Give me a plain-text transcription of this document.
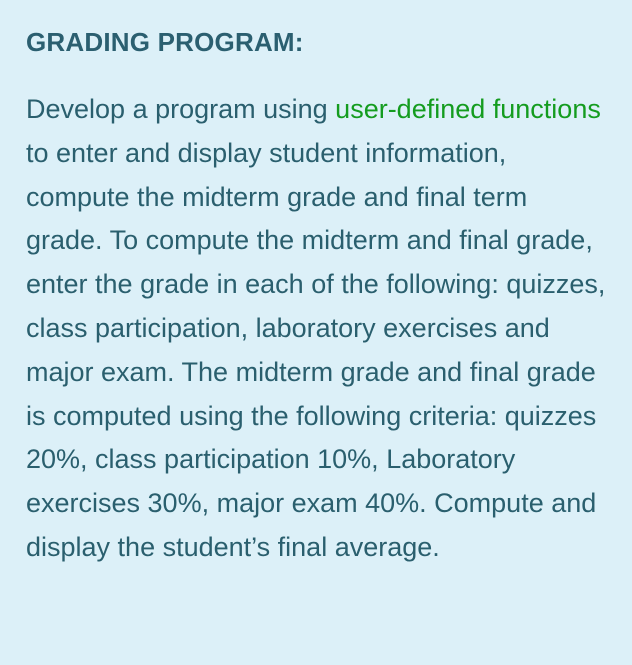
GRADING PROGRAM:

Develop a program using user-defined functions to enter and display student information, compute the midterm grade and final term grade. To compute the midterm and final grade, enter the grade in each of the following: quizzes, class participation, laboratory exercises and major exam. The midterm grade and final grade is computed using the following criteria: quizzes 20%, class participation 10%, Laboratory exercises 30%, major exam 40%. Compute and display the student’s final average.
